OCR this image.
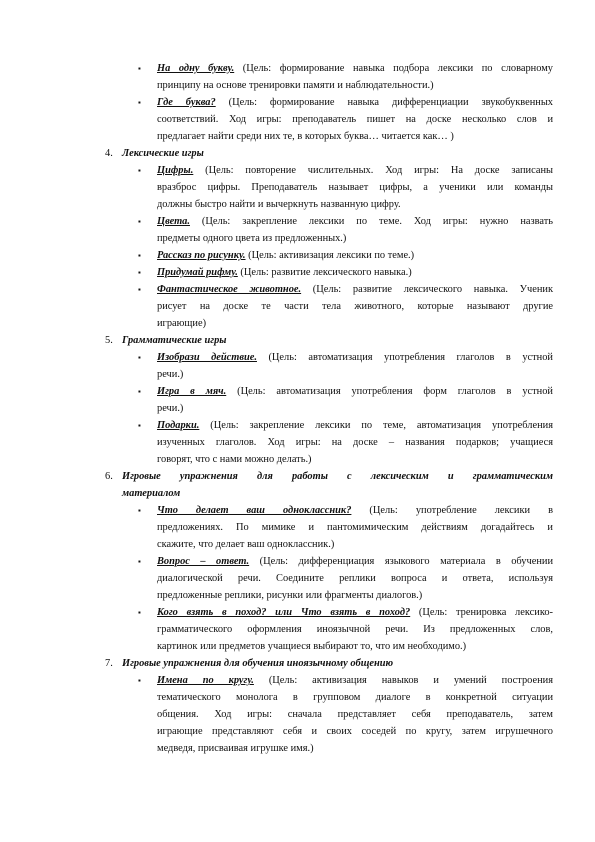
▪ На одну букву. (Цель: формирование навыка подбора лексики по словарному
принципу на основе тренировки памяти и наблюдательности.)
▪ Где буква? (Цель: формирование навыка дифференциации звукобуквенных
соответствий. Ход игры: преподаватель пишет на доске несколько слов и
предлагает найти среди них те, в которых буква… читается как… )
4. Лексические игры
▪ Цифры. (Цель: повторение числительных. Ход игры: На доске записаны
вразброс цифры. Преподаватель называет цифры, а ученики или команды
должны быстро найти и вычеркнуть названную цифру.
▪ Цвета. (Цель: закрепление лексики по теме. Ход игры: нужно назвать
предметы одного цвета из предложенных.)
▪ Рассказ по рисунку. (Цель: активизация лексики по теме.)
▪ Придумай рифму. (Цель: развитие лексического навыка.)
▪ Фантастическое животное. (Цель: развитие лексического навыка. Ученик
рисует на доске те части тела животного, которые называют другие
играющие)
5. Грамматические игры
▪ Изобрази действие. (Цель: автоматизация употребления глаголов в устной
речи.)
▪ Игра в мяч. (Цель: автоматизация употребления форм глаголов в устной
речи.)
▪ Подарки. (Цель: закрепление лексики по теме, автоматизация употребления
изученных глаголов. Ход игры: на доске – названия подарков; учащиеся
говорят, что с нами можно делать.)
6. Игровые упражнения для работы с лексическим и грамматическим
материалом
▪ Что делает ваш одноклассник? (Цель: употребление лексики в
предложениях. По мимике и пантомимическим действиям догадайтесь и
скажите, что делает ваш одноклассник.)
▪ Вопрос – ответ. (Цель: дифференциация языкового материала в обучении
диалогической речи. Соедините реплики вопроса и ответа, используя
предложенные реплики, рисунки или фрагменты диалогов.)
▪ Кого взять в поход? или Что взять в поход? (Цель: тренировка лексико-
грамматического оформления иноязычной речи. Из предложенных слов,
картинок или предметов учащиеся выбирают то, что им необходимо.)
7. Игровые упражнения для обучения иноязычному общению
▪ Имена по кругу. (Цель: активизация навыков и умений построения
тематического монолога в групповом диалоге в конкретной ситуации
общения. Ход игры: сначала представляет себя преподаватель, затем
играющие представляют себя и своих соседей по кругу, затем игрушечного
медведя, присваивая игрушке имя.)
